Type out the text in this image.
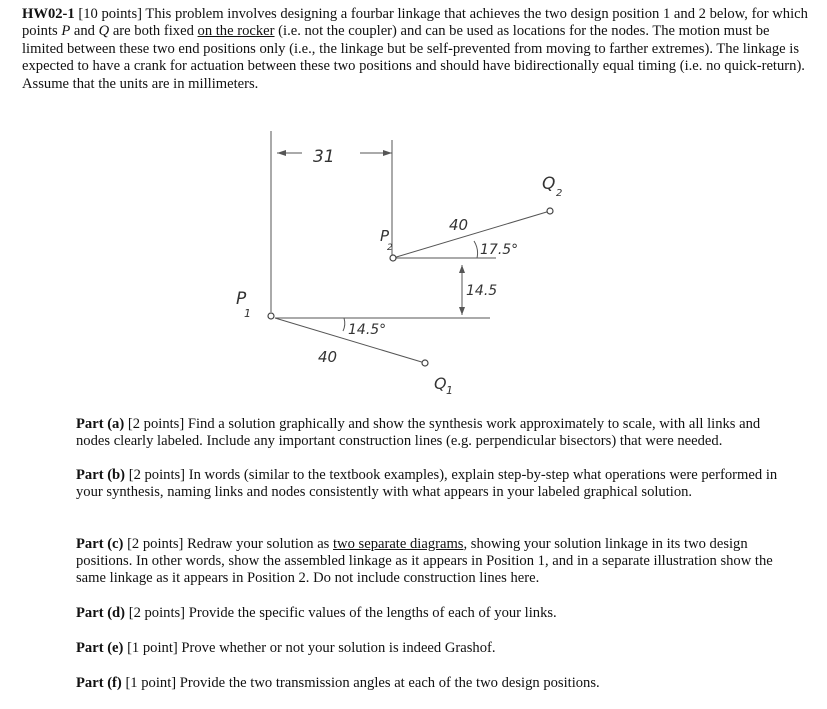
HW02-1 [10 points] This problem involves designing a fourbar linkage that achieves the two design position 1 and 2 below, for which points P and Q are both fixed on the rocker (i.e. not the coupler) and can be used as locations for the nodes. The motion must be limited between these two end positions only (i.e., the linkage but be self-prevented from moving to farther extremes). The linkage is expected to have a crank for actuation between these two positions and should have bidirectionally equal timing (i.e. no quick-return). Assume that the units are in millimeters.

31
P
1
P
2
Q 2
Q 1
40
17.5°
14.5
14.5°
40

Part (a) [2 points] Find a solution graphically and show the synthesis work approximately to scale, with all links and nodes clearly labeled. Include any important construction lines (e.g. perpendicular bisectors) that were needed.

Part (b) [2 points] In words (similar to the textbook examples), explain step-by-step what operations were performed in your synthesis, naming links and nodes consistently with what appears in your labeled graphical solution.

Part (c) [2 points] Redraw your solution as two separate diagrams, showing your solution linkage in its two design positions. In other words, show the assembled linkage as it appears in Position 1, and in a separate illustration show the same linkage as it appears in Position 2. Do not include construction lines here.

Part (d) [2 points] Provide the specific values of the lengths of each of your links.

Part (e) [1 point] Prove whether or not your solution is indeed Grashof.

Part (f) [1 point] Provide the two transmission angles at each of the two design positions.
